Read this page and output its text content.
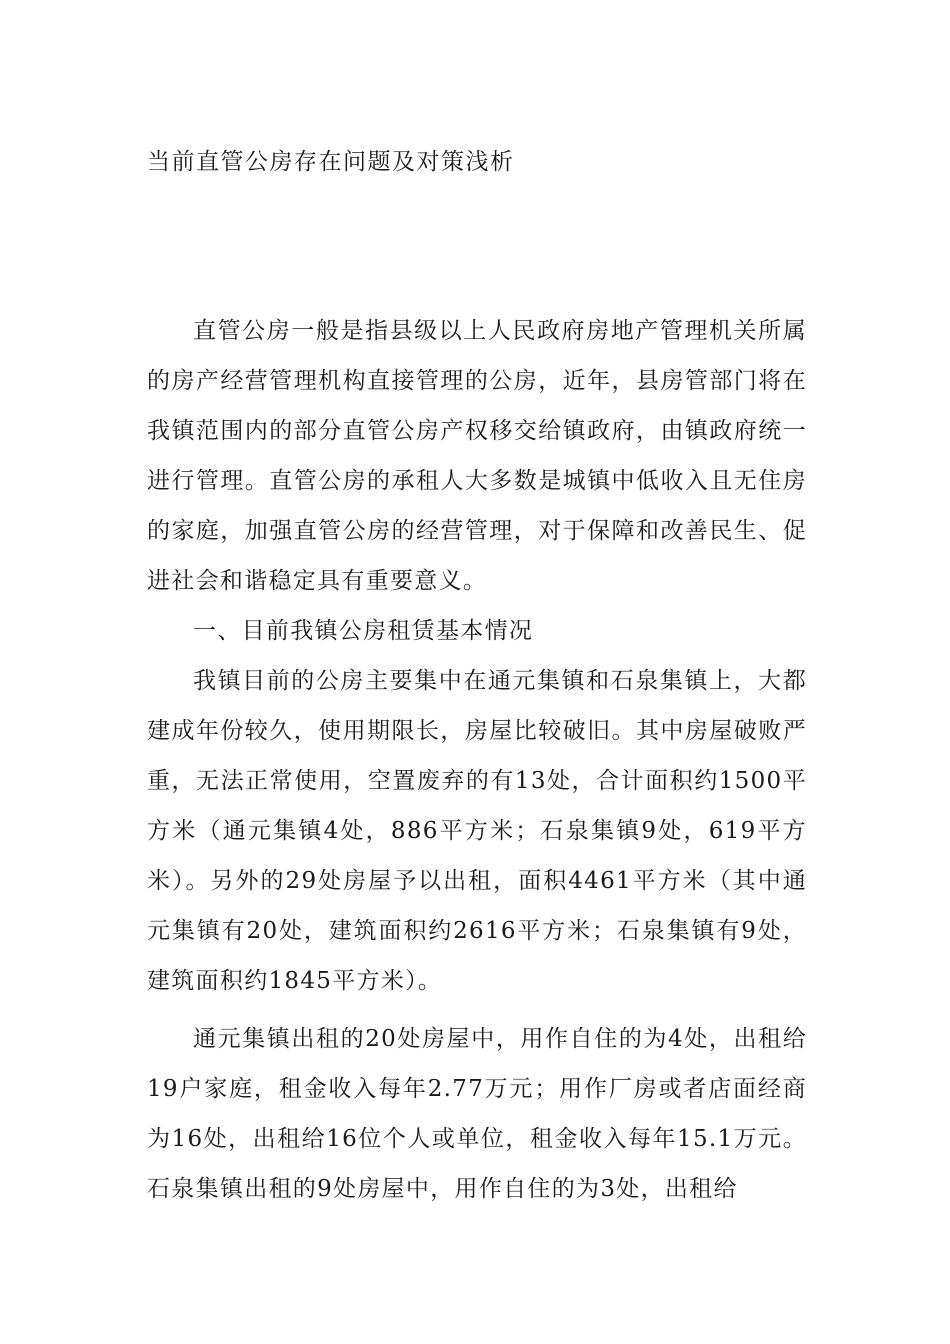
当前直管公房存在问题及对策浅析

直管公房一般是指县级以上人民政府房地产管理机关所属的房产经营管理机构直接管理的公房，近年，县房管部门将在我镇范围内的部分直管公房产权移交给镇政府，由镇政府统一进行管理。直管公房的承租人大多数是城镇中低收入且无住房的家庭，加强直管公房的经营管理，对于保障和改善民生、促进社会和谐稳定具有重要意义。

一、目前我镇公房租赁基本情况

我镇目前的公房主要集中在通元集镇和石泉集镇上，大都建成年份较久，使用期限长，房屋比较破旧。其中房屋破败严重，无法正常使用，空置废弃的有13处，合计面积约1500平方米（通元集镇4处，886平方米；石泉集镇9处，619平方米）。另外的29处房屋予以出租，面积4461平方米（其中通元集镇有20处，建筑面积约2616平方米；石泉集镇有9处，建筑面积约1845平方米）。

通元集镇出租的20处房屋中，用作自住的为4处，出租给19户家庭，租金收入每年2.77万元；用作厂房或者店面经商为16处，出租给16位个人或单位，租金收入每年15.1万元。石泉集镇出租的9处房屋中，用作自住的为3处，出租给
